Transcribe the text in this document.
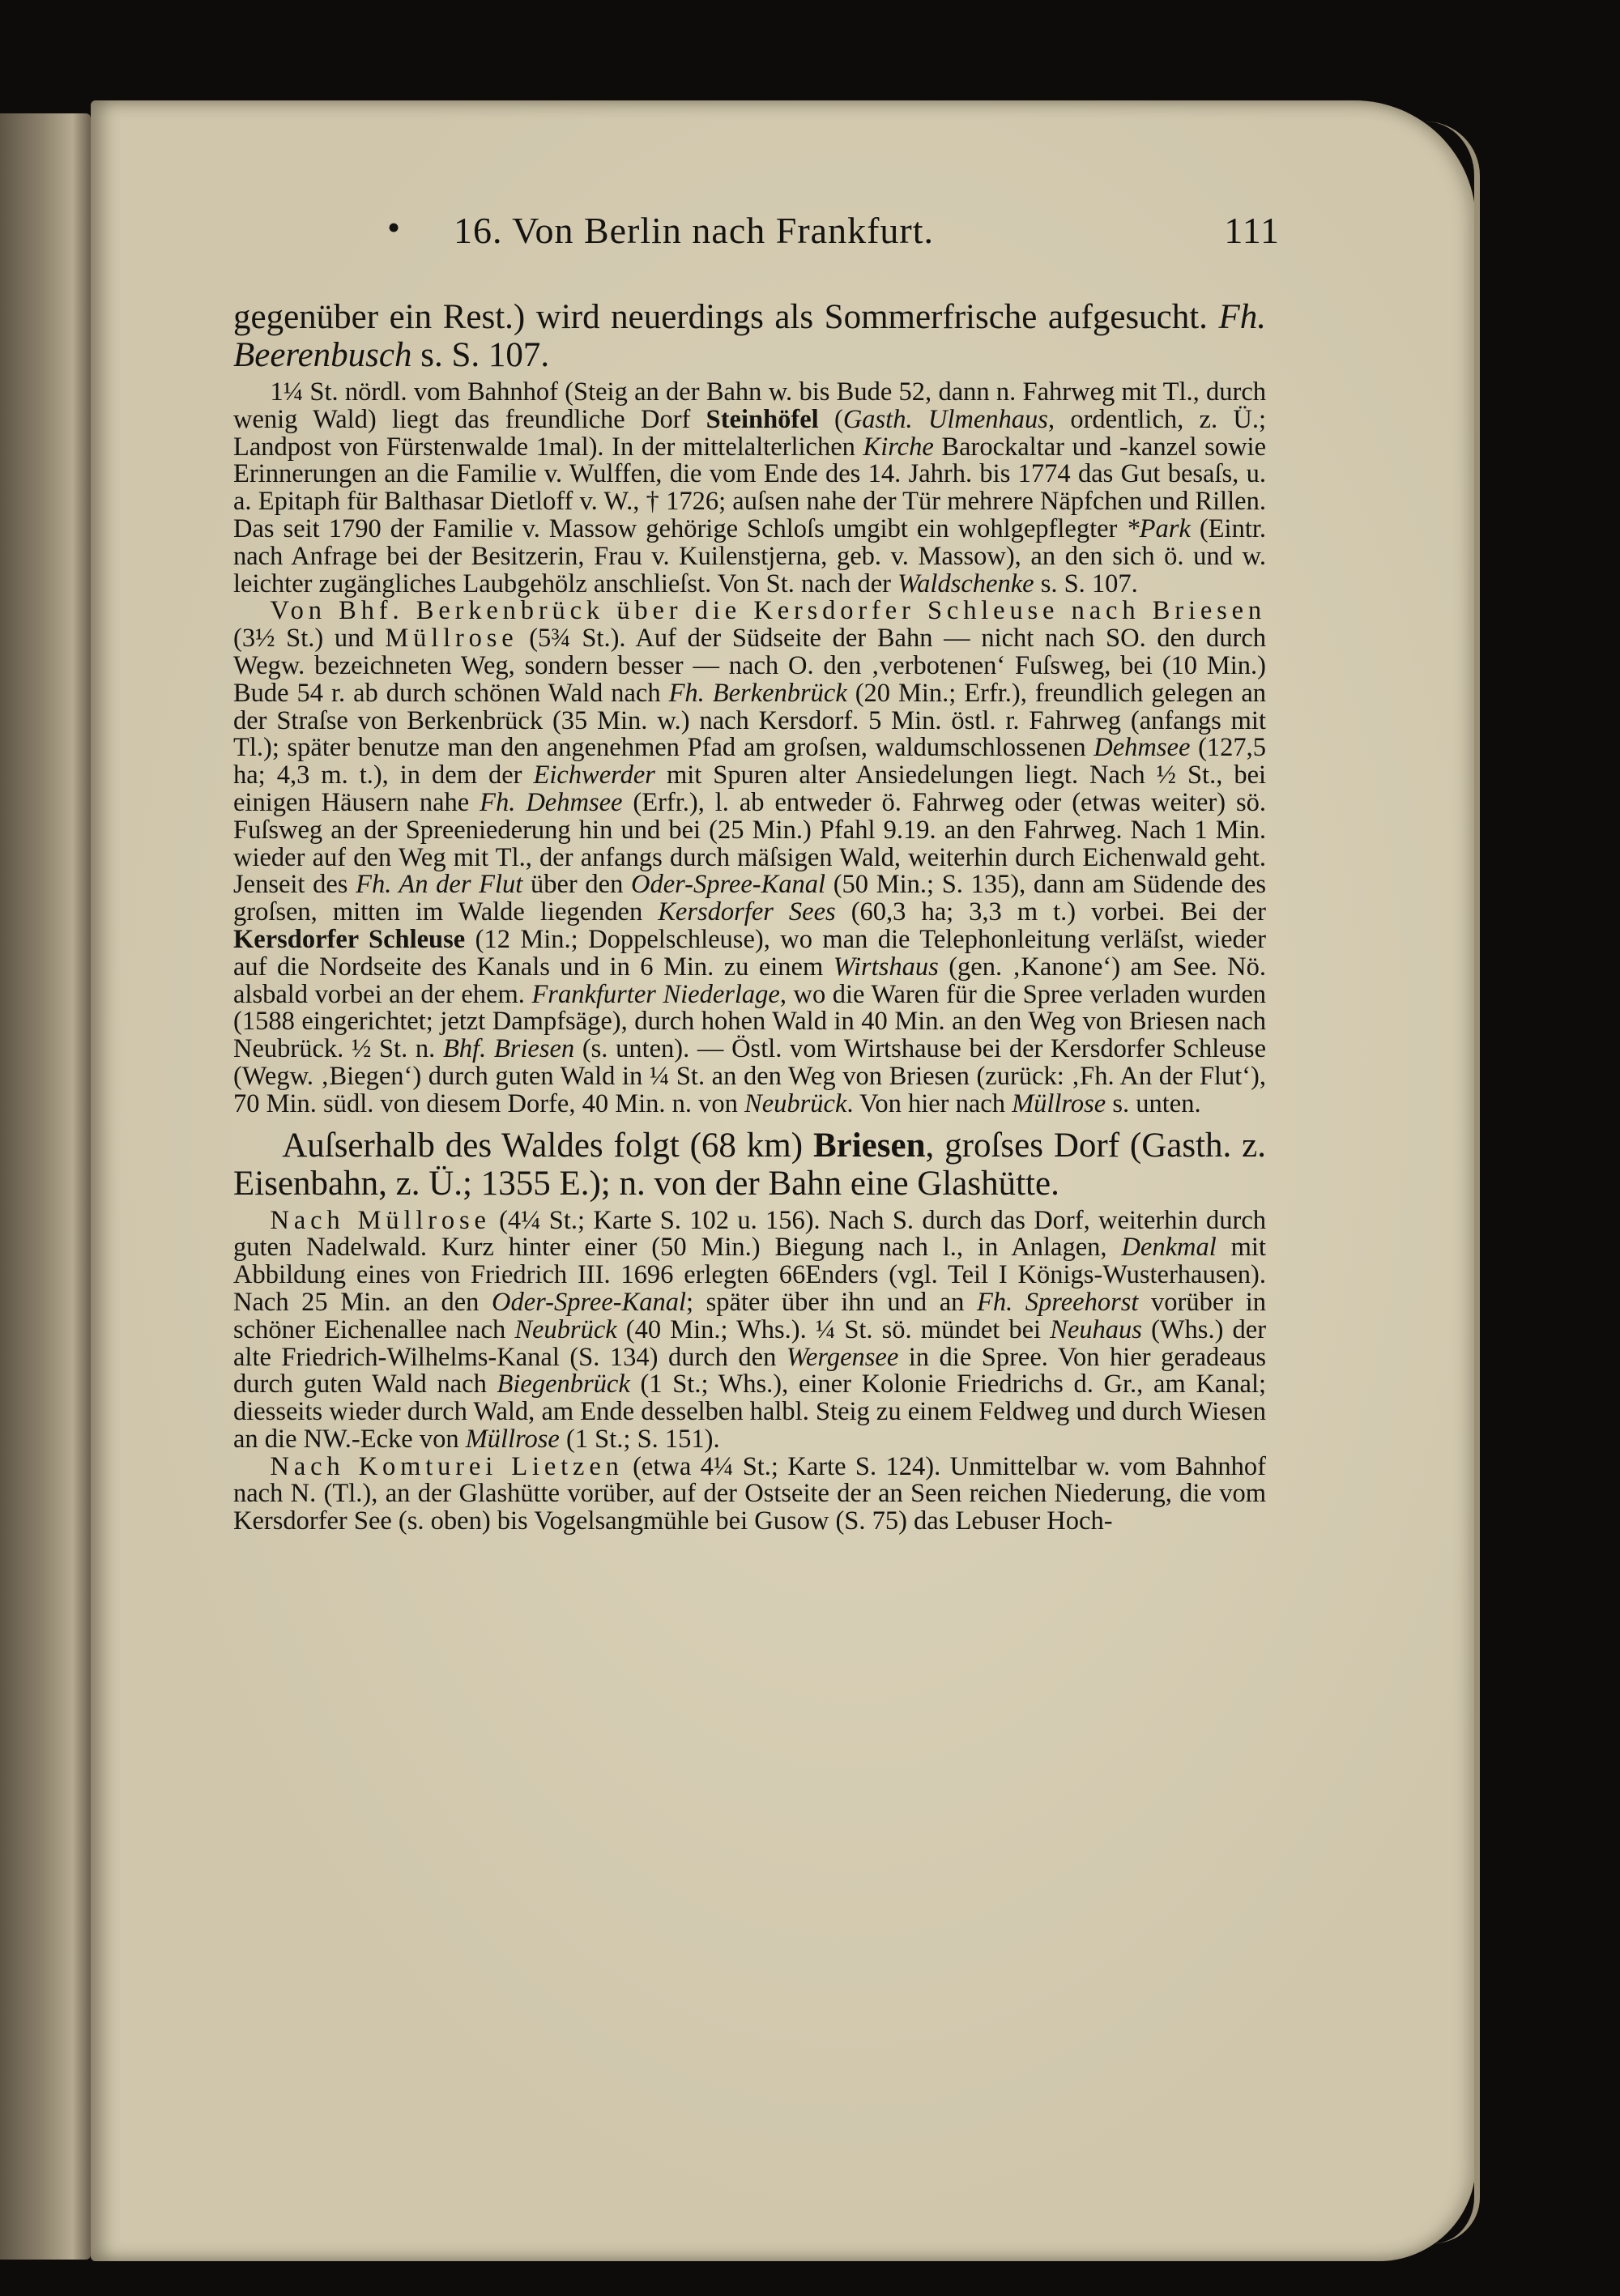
• 16. Von Berlin nach Frankfurt.	111

gegenüber ein Rest.) wird neuerdings als Sommerfrische aufgesucht. Fh. Beerenbusch s. S. 107.

1¼ St. nördl. vom Bahnhof (Steig an der Bahn w. bis Bude 52, dann n. Fahrweg mit Tl., durch wenig Wald) liegt das freundliche Dorf Steinhöfel (Gasth. Ulmenhaus, ordentlich, z. Ü.; Landpost von Fürstenwalde 1mal). In der mittelalterlichen Kirche Barockaltar und -kanzel sowie Erinnerungen an die Familie v. Wulffen, die vom Ende des 14. Jahrh. bis 1774 das Gut besaſs, u. a. Epitaph für Balthasar Dietloff v. W., † 1726; auſsen nahe der Tür mehrere Näpfchen und Rillen. Das seit 1790 der Familie v. Massow gehörige Schloſs umgibt ein wohlgepflegter *Park (Eintr. nach Anfrage bei der Besitzerin, Frau v. Kuilenstjerna, geb. v. Massow), an den sich ö. und w. leichter zugängliches Laubgehölz anschlieſst. Von St. nach der Waldschenke s. S. 107.

Von Bhf. Berkenbrück über die Kersdorfer Schleuse nach Briesen (3½ St.) und Müllrose (5¾ St.). Auf der Südseite der Bahn — nicht nach SO. den durch Wegw. bezeichneten Weg, sondern besser — nach O. den ‚verbotenen‘ Fuſsweg, bei (10 Min.) Bude 54 r. ab durch schönen Wald nach Fh. Berkenbrück (20 Min.; Erfr.), freundlich gelegen an der Straſse von Berkenbrück (35 Min. w.) nach Kersdorf. 5 Min. östl. r. Fahrweg (anfangs mit Tl.); später benutze man den angenehmen Pfad am groſsen, waldumschlossenen Dehmsee (127,5 ha; 4,3 m. t.), in dem der Eichwerder mit Spuren alter Ansiedelungen liegt. Nach ½ St., bei einigen Häusern nahe Fh. Dehmsee (Erfr.), l. ab entweder ö. Fahrweg oder (etwas weiter) sö. Fuſsweg an der Spreeniederung hin und bei (25 Min.) Pfahl 9.19. an den Fahrweg. Nach 1 Min. wieder auf den Weg mit Tl., der anfangs durch mäſsigen Wald, weiterhin durch Eichenwald geht. Jenseit des Fh. An der Flut über den Oder-Spree-Kanal (50 Min.; S. 135), dann am Südende des groſsen, mitten im Walde liegenden Kersdorfer Sees (60,3 ha; 3,3 m t.) vorbei. Bei der Kersdorfer Schleuse (12 Min.; Doppelschleuse), wo man die Telephonleitung verläſst, wieder auf die Nordseite des Kanals und in 6 Min. zu einem Wirtshaus (gen. ‚Kanone‘) am See. Nö. alsbald vorbei an der ehem. Frankfurter Niederlage, wo die Waren für die Spree verladen wurden (1588 eingerichtet; jetzt Dampfsäge), durch hohen Wald in 40 Min. an den Weg von Briesen nach Neubrück. ½ St. n. Bhf. Briesen (s. unten). — Östl. vom Wirtshause bei der Kersdorfer Schleuse (Wegw. ‚Biegen‘) durch guten Wald in ¼ St. an den Weg von Briesen (zurück: ‚Fh. An der Flut‘), 70 Min. südl. von diesem Dorfe, 40 Min. n. von Neubrück. Von hier nach Müllrose s. unten.

Auſserhalb des Waldes folgt (68 km) Briesen, groſses Dorf (Gasth. z. Eisenbahn, z. Ü.; 1355 E.); n. von der Bahn eine Glashütte.

Nach Müllrose (4¼ St.; Karte S. 102 u. 156). Nach S. durch das Dorf, weiterhin durch guten Nadelwald. Kurz hinter einer (50 Min.) Biegung nach l., in Anlagen, Denkmal mit Abbildung eines von Friedrich III. 1696 erlegten 66Enders (vgl. Teil I Königs-Wusterhausen). Nach 25 Min. an den Oder-Spree-Kanal; später über ihn und an Fh. Spreehorst vorüber in schöner Eichenallee nach Neubrück (40 Min.; Whs.). ¼ St. sö. mündet bei Neuhaus (Whs.) der alte Friedrich-Wilhelms-Kanal (S. 134) durch den Wergensee in die Spree. Von hier geradeaus durch guten Wald nach Biegenbrück (1 St.; Whs.), einer Kolonie Friedrichs d. Gr., am Kanal; diesseits wieder durch Wald, am Ende desselben halbl. Steig zu einem Feldweg und durch Wiesen an die NW.-Ecke von Müllrose (1 St.; S. 151).

Nach Komturei Lietzen (etwa 4¼ St.; Karte S. 124). Unmittelbar w. vom Bahnhof nach N. (Tl.), an der Glashütte vorüber, auf der Ostseite der an Seen reichen Niederung, die vom Kersdorfer See (s. oben) bis Vogelsangmühle bei Gusow (S. 75) das Lebuser Hoch-
